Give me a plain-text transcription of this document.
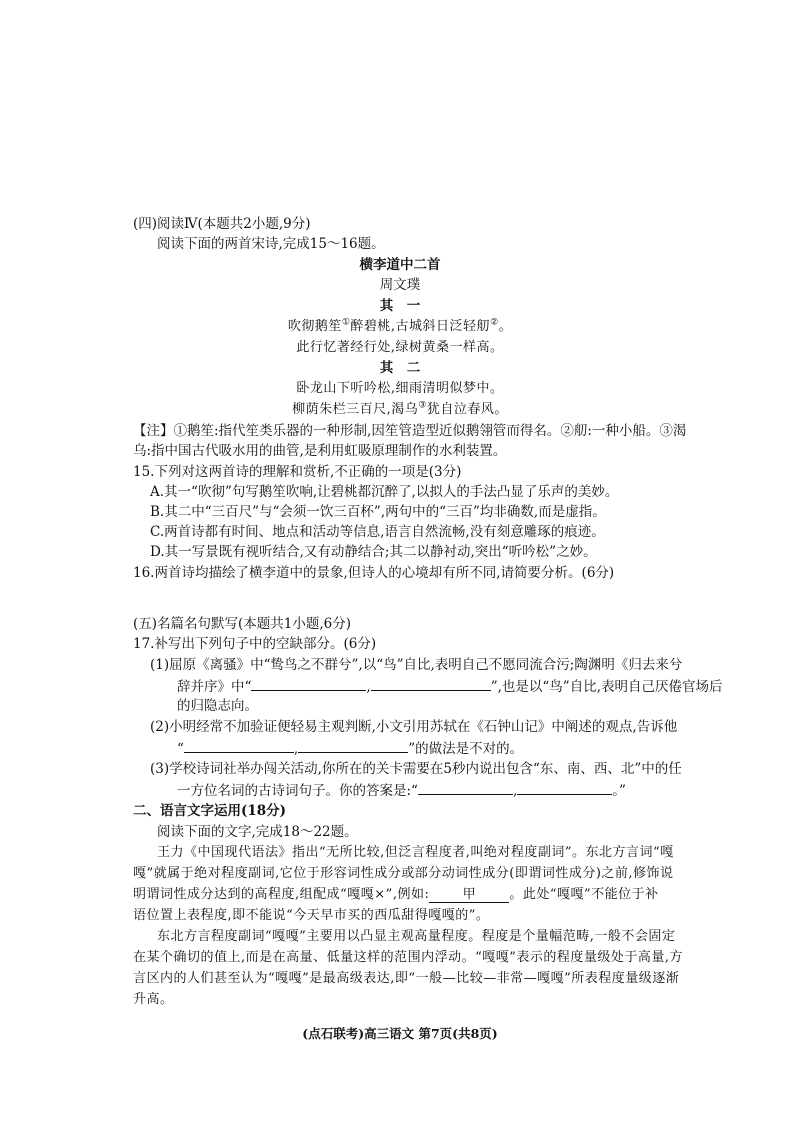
(四)阅读Ⅳ(本题共2小题,9分)
阅读下面的两首宋诗,完成15～16题。
横李道中二首
周文璞
其　一
吹彻鹅笙①醉碧桃,古城斜日泛轻舠②。
此行忆著经行处,绿树黄桑一样高。
其　二
卧龙山下听吟松,细雨清明似梦中。
柳荫朱栏三百尺,渴乌③犹自泣春风。
【注】①鹅笙:指代笙类乐器的一种形制,因笙管造型近似鹅翎管而得名。②舠:一种小船。③渴
乌:指中国古代吸水用的曲管,是利用虹吸原理制作的水利装置。
15.下列对这两首诗的理解和赏析,不正确的一项是(3分)
A.其一“吹彻”句写鹅笙吹响,让碧桃都沉醉了,以拟人的手法凸显了乐声的美妙。
B.其二中“三百尺”与“会须一饮三百杯”,两句中的“三百”均非确数,而是虚指。
C.两首诗都有时间、地点和活动等信息,语言自然流畅,没有刻意雕琢的痕迹。
D.其一写景既有视听结合,又有动静结合;其二以静衬动,突出“听吟松”之妙。
16.两首诗均描绘了横李道中的景象,但诗人的心境却有所不同,请简要分析。(6分)
(五)名篇名句默写(本题共1小题,6分)
17.补写出下列句子中的空缺部分。(6分)
(1)屈原《离骚》中“鸷鸟之不群兮”,以“鸟”自比,表明自己不愿同流合污;陶渊明《归去来兮
辞并序》中“	,	”,也是以“鸟”自比,表明自己厌倦官场后
的归隐志向。
(2)小明经常不加验证便轻易主观判断,小文引用苏轼在《石钟山记》中阐述的观点,告诉他
“	,	”的做法是不对的。
(3)学校诗词社举办闯关活动,你所在的关卡需要在5秒内说出包含“东、南、西、北”中的任
一方位名词的古诗词句子。你的答案是:“	,	。”
二、语言文字运用(18分)
阅读下面的文字,完成18～22题。
王力《中国现代语法》指出“无所比较,但泛言程度者,叫绝对程度副词”。东北方言词“嘎
嘎”就属于绝对程度副词,它位于形容词性成分或部分动词性成分(即谓词性成分)之前,修饰说
明谓词性成分达到的高程度,组配成“嘎嘎×”,例如:	甲	。此处“嘎嘎”不能位于补
语位置上表程度,即不能说“今天早市买的西瓜甜得嘎嘎的”。
东北方言程度副词“嘎嘎”主要用以凸显主观高量程度。程度是个量幅范畴,一般不会固定
在某个确切的值上,而是在高量、低量这样的范围内浮动。“嘎嘎”表示的程度量级处于高量,方
言区内的人们甚至认为“嘎嘎”是最高级表达,即“一般—比较—非常—嘎嘎”所表程度量级逐渐
升高。
(点石联考)高三语文 第7页(共8页)
